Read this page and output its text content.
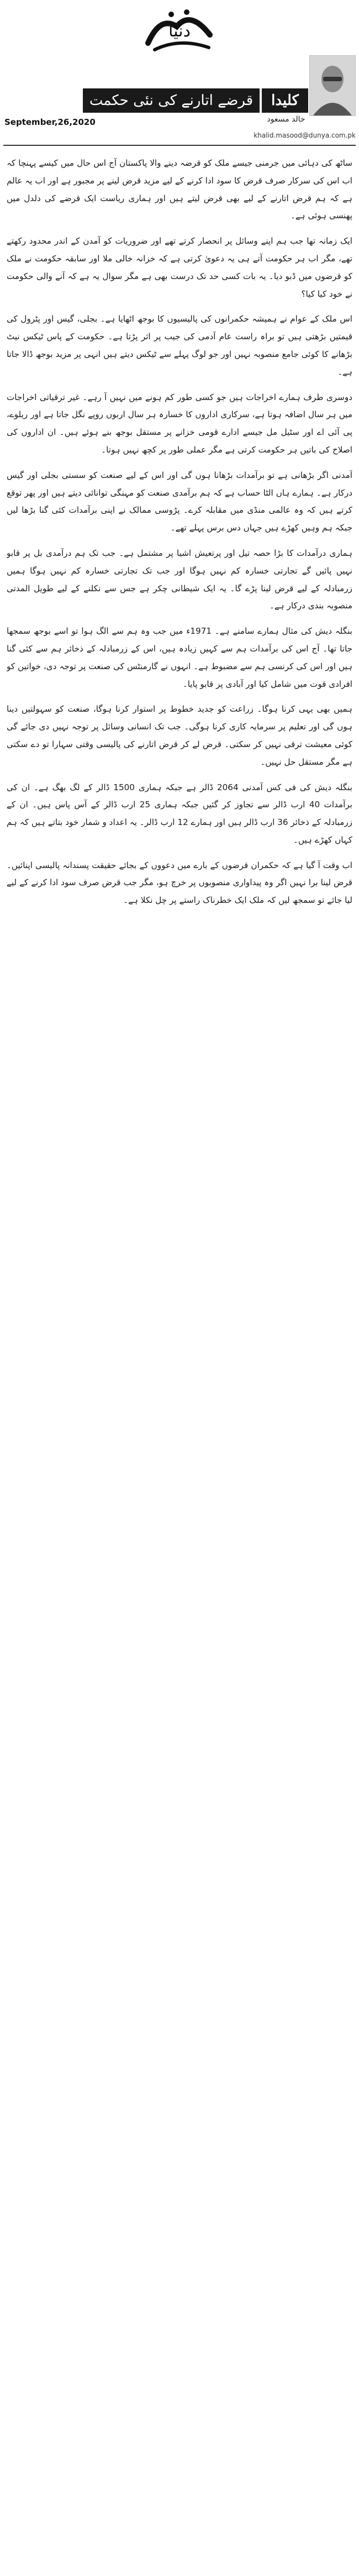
دنیا
کلیدا
خالد مسعود
قرضے اتارنے کی نئی حکمت عملی
September,26,2020
khalid.masood@dunya.com.pk

ساٹھ کی دہائی میں جرمنی جیسے ملک کو قرضہ دینے والا پاکستان آج اس حال میں کیسے پہنچا کہ اب اس کی سرکار صرف قرض کا سود ادا کرنے کے لیے مزید قرض لینے پر مجبور ہے اور اب یہ عالم ہے کہ ہم قرض اتارنے کے لیے بھی قرض لیتے ہیں اور ہماری ریاست ایک قرضے کی دلدل میں پھنسی ہوئی ہے۔

ایک زمانہ تھا جب ہم اپنے وسائل پر انحصار کرتے تھے اور ضروریات کو آمدن کے اندر محدود رکھتے تھے، مگر اب ہر حکومت آتے ہی یہ دعویٰ کرتی ہے کہ خزانہ خالی ملا اور سابقہ حکومت نے ملک کو قرضوں میں ڈبو دیا۔ یہ بات کسی حد تک درست بھی ہے مگر سوال یہ ہے کہ آنے والی حکومت نے خود کیا کیا؟

اس ملک کے عوام نے ہمیشہ حکمرانوں کی پالیسیوں کا بوجھ اٹھایا ہے۔ بجلی، گیس اور پٹرول کی قیمتیں بڑھتی ہیں تو براہ راست عام آدمی کی جیب پر اثر پڑتا ہے۔ حکومت کے پاس ٹیکس نیٹ بڑھانے کا کوئی جامع منصوبہ نہیں اور جو لوگ پہلے سے ٹیکس دیتے ہیں انہی پر مزید بوجھ ڈالا جاتا ہے۔

دوسری طرف ہمارے اخراجات ہیں جو کسی طور کم ہونے میں نہیں آ رہے۔ غیر ترقیاتی اخراجات میں ہر سال اضافہ ہوتا ہے، سرکاری اداروں کا خسارہ ہر سال اربوں روپے نگل جاتا ہے اور ریلوے، پی آئی اے اور سٹیل مل جیسے ادارے قومی خزانے پر مستقل بوجھ بنے ہوئے ہیں۔ ان اداروں کی اصلاح کی باتیں ہر حکومت کرتی ہے مگر عملی طور پر کچھ نہیں ہوتا۔

آمدنی اگر بڑھانی ہے تو برآمدات بڑھانا ہوں گی اور اس کے لیے صنعت کو سستی بجلی اور گیس درکار ہے۔ ہمارے ہاں الٹا حساب ہے کہ ہم برآمدی صنعت کو مہنگی توانائی دیتے ہیں اور پھر توقع کرتے ہیں کہ وہ عالمی منڈی میں مقابلہ کرے۔ پڑوسی ممالک نے اپنی برآمدات کئی گنا بڑھا لیں جبکہ ہم وہیں کھڑے ہیں جہاں دس برس پہلے تھے۔

ہماری درآمدات کا بڑا حصہ تیل اور پرتعیش اشیا پر مشتمل ہے۔ جب تک ہم درآمدی بل پر قابو نہیں پائیں گے تجارتی خسارہ کم نہیں ہوگا اور جب تک تجارتی خسارہ کم نہیں ہوگا ہمیں زرمبادلہ کے لیے قرض لینا پڑے گا۔ یہ ایک شیطانی چکر ہے جس سے نکلنے کے لیے طویل المدتی منصوبہ بندی درکار ہے۔

بنگلہ دیش کی مثال ہمارے سامنے ہے۔ 1971ء میں جب وہ ہم سے الگ ہوا تو اسے بوجھ سمجھا جاتا تھا۔ آج اس کی برآمدات ہم سے کہیں زیادہ ہیں، اس کے زرمبادلہ کے ذخائر ہم سے کئی گنا ہیں اور اس کی کرنسی ہم سے مضبوط ہے۔ انہوں نے گارمنٹس کی صنعت پر توجہ دی، خواتین کو افرادی قوت میں شامل کیا اور آبادی پر قابو پایا۔

ہمیں بھی یہی کرنا ہوگا۔ زراعت کو جدید خطوط پر استوار کرنا ہوگا، صنعت کو سہولتیں دینا ہوں گی اور تعلیم پر سرمایہ کاری کرنا ہوگی۔ جب تک انسانی وسائل پر توجہ نہیں دی جائے گی کوئی معیشت ترقی نہیں کر سکتی۔ قرض لے کر قرض اتارنے کی پالیسی وقتی سہارا تو دے سکتی ہے مگر مستقل حل نہیں۔

بنگلہ دیش کی فی کس آمدنی 2064 ڈالر ہے جبکہ ہماری 1500 ڈالر کے لگ بھگ ہے۔ ان کی برآمدات 40 ارب ڈالر سے تجاوز کر گئیں جبکہ ہماری 25 ارب ڈالر کے آس پاس ہیں۔ ان کے زرمبادلہ کے ذخائر 36 ارب ڈالر ہیں اور ہمارے 12 ارب ڈالر۔ یہ اعداد و شمار خود بتاتے ہیں کہ ہم کہاں کھڑے ہیں۔

اب وقت آ گیا ہے کہ حکمران قرضوں کے بارے میں دعووں کے بجائے حقیقت پسندانہ پالیسی اپنائیں۔ قرض لینا برا نہیں اگر وہ پیداواری منصوبوں پر خرچ ہو، مگر جب قرض صرف سود ادا کرنے کے لیے لیا جائے تو سمجھ لیں کہ ملک ایک خطرناک راستے پر چل نکلا ہے۔
